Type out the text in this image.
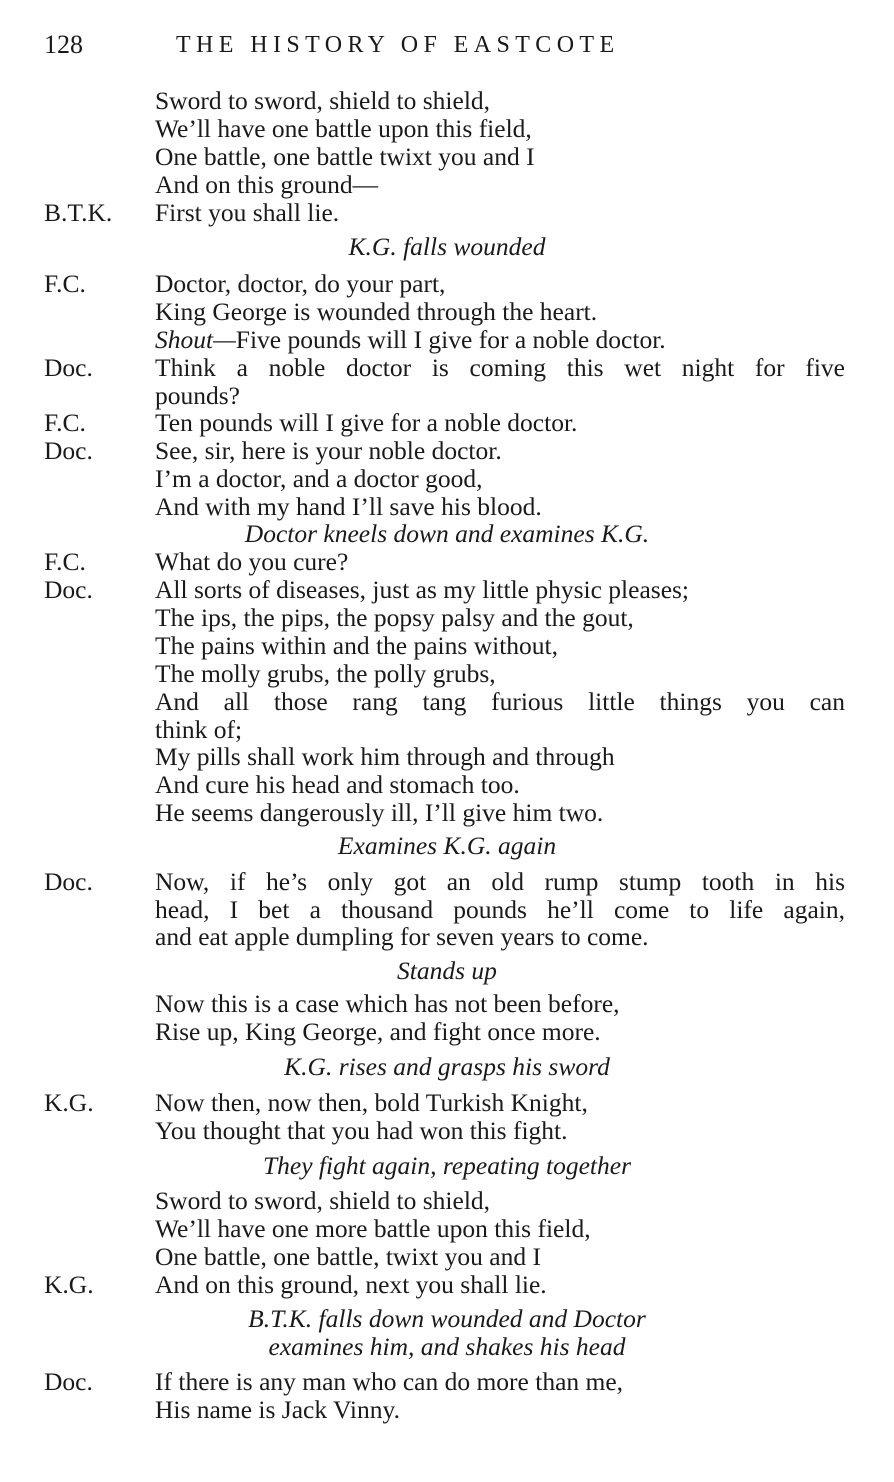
128	THE HISTORY OF EASTCOTE
Sword to sword, shield to shield,
We’ll have one battle upon this field,
One battle, one battle twixt you and I
And on this ground—
B.T.K. First you shall lie.
K.G. falls wounded
F.C.	Doctor, doctor, do your part,
King George is wounded through the heart.
Shout—Five pounds will I give for a noble doctor.
Doc. Think a noble doctor is coming this wet night for five
pounds?
F.C.	Ten pounds will I give for a noble doctor.
Doc. See, sir, here is your noble doctor.
I’m a doctor, and a doctor good,
And with my hand I’ll save his blood.
Doctor kneels down and examines K.G.
F.C.	What do you cure?
Doc. All sorts of diseases, just as my little physic pleases;
The ips, the pips, the popsy palsy and the gout,
The pains within and the pains without,
The molly grubs, the polly grubs,
And all those rang tang furious little things you can
think of;
My pills shall work him through and through
And cure his head and stomach too.
He seems dangerously ill, I’ll give him two.
Examines K.G. again
Doc. Now, if he’s only got an old rump stump tooth in his
head, I bet a thousand pounds he’ll come to life again,
and eat apple dumpling for seven years to come.
Stands up
Now this is a case which has not been before,
Rise up, King George, and fight once more.
K.G. rises and grasps his sword
K.G. Now then, now then, bold Turkish Knight,
You thought that you had won this fight.
They fight again, repeating together
Sword to sword, shield to shield,
We’ll have one more battle upon this field,
One battle, one battle, twixt you and I
K.G. And on this ground, next you shall lie.
B.T.K. falls down wounded and Doctor
examines him, and shakes his head
Doc. If there is any man who can do more than me,
His name is Jack Vinny.
